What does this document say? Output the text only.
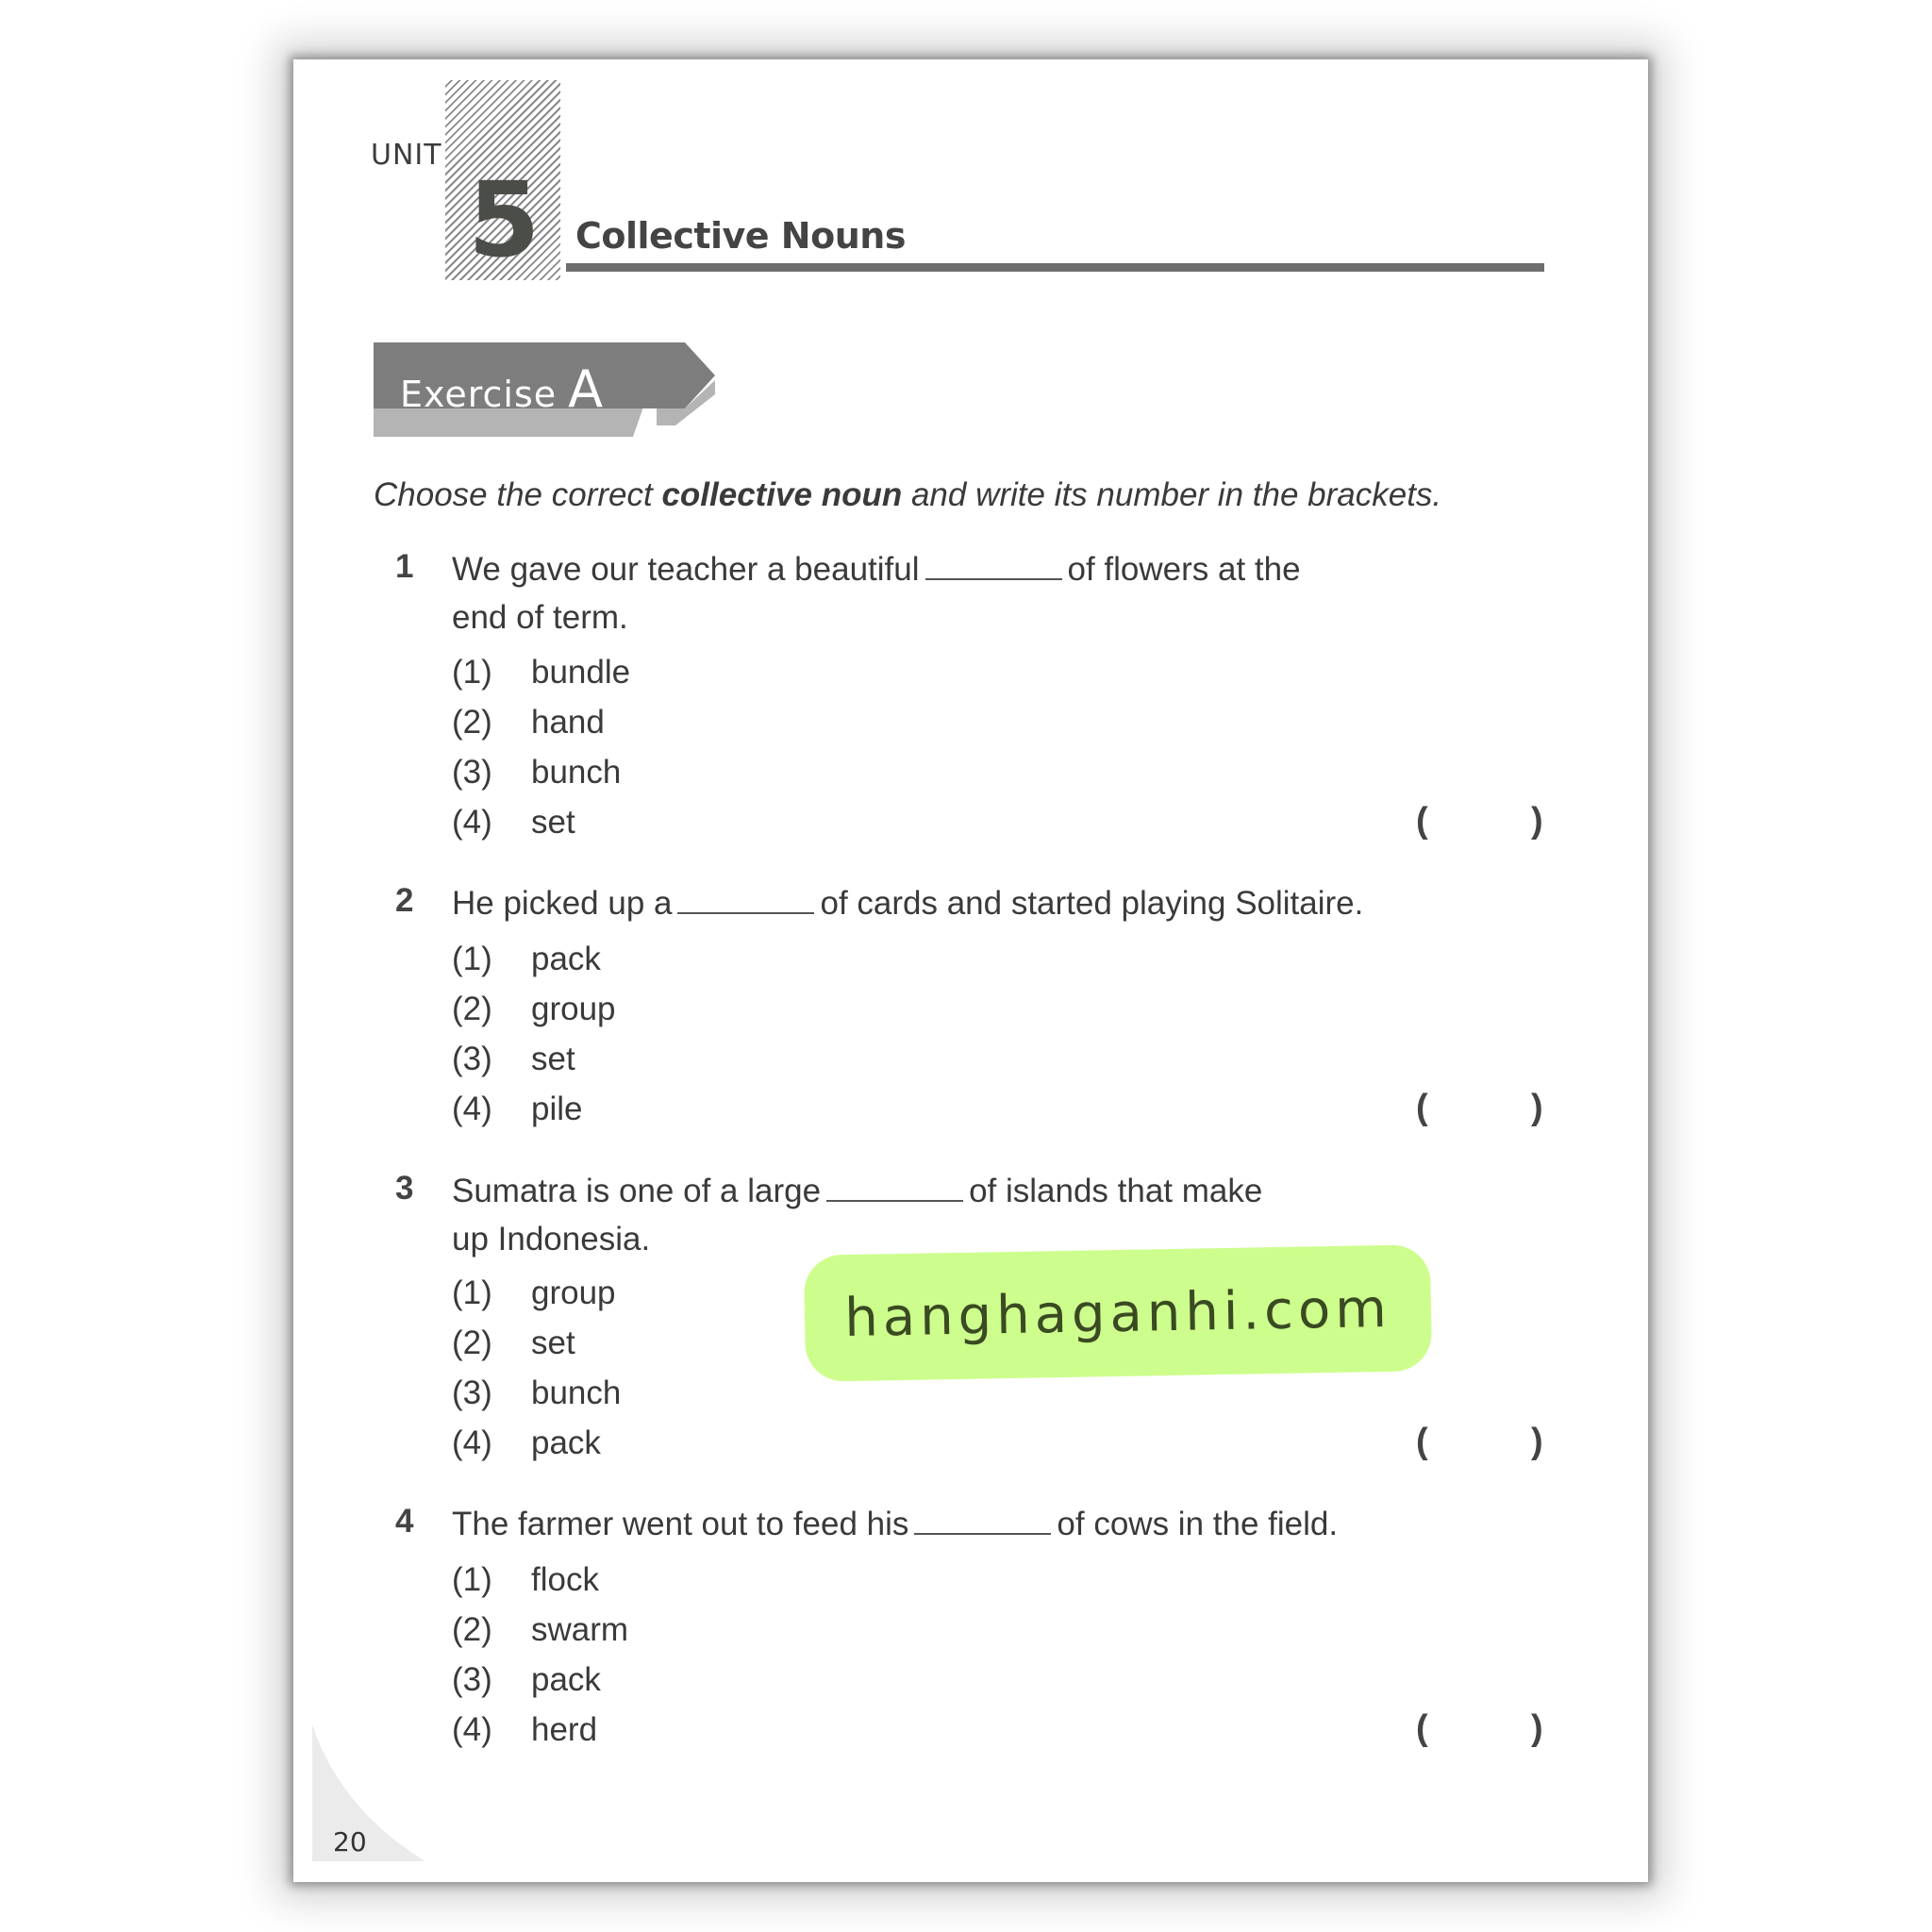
UNIT
5 Collective Nouns
Exercise A
Choose the correct collective noun and write its number in the brackets.
1 We gave our teacher a beautiful	of flowers at the
end of term.
(1) bundle
(2) hand
(3) bunch
(4) set	(	)
2 He picked up a	of cards and started playing Solitaire.
(1) pack
(2) group
(3) set
(4) pile	(	)
3 Sumatra is one of a large	of islands that make
up Indonesia.
(1) group
(2) set
(3) bunch
(4) pack	(	)
4 The farmer went out to feed his	of cows in the field.
(1) flock
(2) swarm
(3) pack
(4) herd	(	)
hanghaganhi.com
20
